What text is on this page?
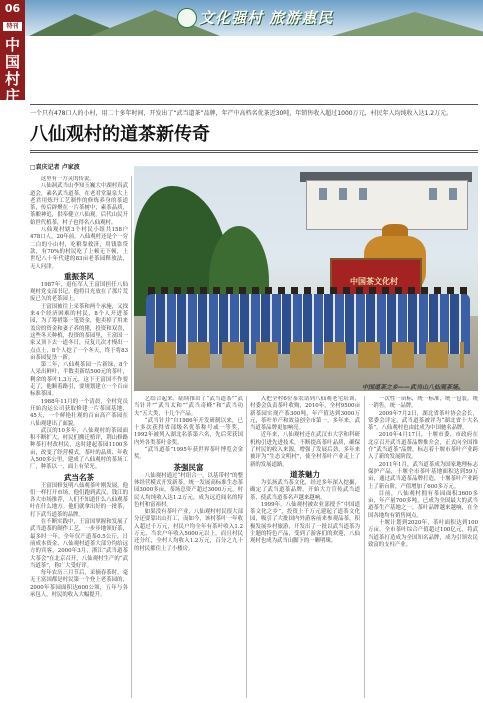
06
特刊
中国村庄
文化强村 旅游惠民
一个只有478口人的小村，用二十多年时间，开发出了“武当道茶”品牌，年产中高档名优茶近30吨，年销售收入超过1000万元，村民年人均纯收入达1.2万元。
八仙观村的道茶新传奇
□袁庆记者 卢家波
中国茶文化村
中国道茶之乡——武当山八仙观茶场。

这里有一方灵的传说。

八仙洞武当山李知玉巍大中湖村真武道会，素名武当道茶，在老君堂温泉大上老君用炼丹工艺制作的修炼养身的茶道茶，传后辟聚在一片茶树中，素茶品质，茶酿神追，供奉健立八仙观。后代山民开始世代植茶，村子也得名八仙观村。

八仙观村辖3个村民小组共158户478口人，20年前，八仙观村还是个一穷二白的小山村，吃粮靠救济，用钱靠贷款，有70%的村民吃了上顿无下顿，上世纪八十年代建的83亩老茶园释放法，无人问津。

重振茶风

1987年，退伍军人王富国担任八仙观村党支部书记，他将目光放在了那片荒废已久的老茶园上。

王富国被往上采茶和两个承施，又找来4个经济困难的村民，8个人开进茶园，为了筹措第一笔资金，他卖掉了用来盖房的资金和妻子养的猪，投资和双喜，这些冬天种植，投资的茶园里，王富国一家又顶下去一道冬日，反复几次才慢出一点点土，8个人挖了一个冬天，终于将83亩茶园复垦一新。

第二年，八仙观茶园一片新绿，8个人采出鲜叶，半数卖新结500元的茶叶，剩余的茶叶1.3万元，这下王富国不作要走了，他顺着路引，要规划建立一个百亩标准茶园。

1988年11月的一个清晨，全村党员开始沟运公司获取修建一片茶园基地，45天，一个鲜艳壮观的百亩高产茶园在八仙观建出了面貌。

武汉的10多年，八仙观村的茶园面积不断扩大，村民们搬迁植评，荆山修路种茶打村改村民，这时建起茶园1100多亩，改变了经营模式，茶叶的品质、年收入500多公里，建成了八仙观村的茶场工厂，种茶以一，面上有荣光。

武当名茶

王富国修复明八仙观茶叶刚发展，他们一样打开市场，他们跑到武汉、钱江的各大市场推荐，人们不知道什么八仙观茶叶在什么地方。他们就拿出好的一批茶，打下武当道茶的品牌。

在不断实践中，王富国掌握和发展了武当道茶的制作工艺，一步步地领好茶，最多时一年，全年仅产道茶0.5公斤，日前成本资金，八仙观村道茶大部分均给远方的宾客，2000年3月，浙江“武当道茶大茶会”在北京召开，八仙观村生产的“武当道茶”，称广大受好评。

每年农历三月节后，采摘春茶时，毫无王富国都是村民第一个登上老茶园的，2000年茶园面积达600公顷，五年与各承包人，村民的收入大幅提升。

艺结合起来，陆续推出了“武当道茶”“武当针井”“武当太和”“武当奇峰”和“武当功夫”五大类，十几个产品。

“武当针井”自1986年开发研制以来，已十多次获得省部级名优茶称号或一等奖，1992年被列入湖北名茶第六名，先后荣获国内外各类茶叶金奖。

“武当道茶”1995年获世界茶叶博览会金奖。

茶强民富

八仙观村通过“村组合一，以基带村”的整体经营模式开发新茶，统一发展高标准生态茶园3000多亩，茶场总资产超过3000万元，村民人均纯收入达1.2万元，成为远近闻名的特色村和富裕村。

如果没有茶叶产业，八仙观村村民很大部分还要靠出山打工，而如今，该村茶叶一年收入超过千万元，村民户均全年有茶叶收入1.2万元，当农户年收入5000元以上，而且村民还分红，全村人均收入1.2万元，百分之九十的村民都住上了小楼房。

入把全村6位茶农请到八仙观老宅培训，村委会负责茶叶收购，2010年，全村9500亩新茶园实现产茶300吨，年产值达到3000万元，茶叶单产和效益创全市第一，多年来，武当道茶品牌更加响亮。

近年来，八仙观村还在武汉市大学和科研机构引进先进技术，不断提高茶叶品质，确保了村民的收入来源，增强了发展后劲，多年来被评为“生态文明村”，使全村茶叶产业走上了新的发展道路。

道茶魅力

为弘扬武当茶文化，经过多年深入挖掘，确定了武当道茶品牌，开始大力宣传武当道茶，使武当道茶名声越来越响。

1999年，八仙观村被农业部授予“中国道茶文化之乡”，投资上千万元建起了道茶文化园，吸引了大批国内外游客前来参观品茶，积极发展乡村旅游，开发出了一批以武当道茶为主题的特色产品，受到了游客们的欢迎，八仙观村也成为武当山脚下的一颗明珠。

一次性一亩标，统一标准，统一包装，统一销售，统一品牌。

2009年7月2日，湖北省茶叶协会会长，常委会评定，武当道茶被评为“湖北省十大名茶”，八仙观村也由此成为中国驰名品牌。

2010年4月17日，十堰市委、市政府在北京召开武当道茶品牌推介会，正式向全国推介“武当道茶”品牌，标志着十堰市茶叶产业跨入了新的发展阶段。

2011年1月，武当道茶成为国家地理标志保护产品，十堰全市茶叶基地面积达到59万亩，通过武当道茶品牌打造，十堰茶叶产业跨上了新台阶，产值增加了600多万元。

目前，八仙观村拥有茶园面积3600多亩，年产量700多吨，已成为全国最大的武当道茶生产基地之一，茶叶品牌越来越响，在全国各地均有销售网点。

十堰计划到2020年，茶叶面积达到100万亩，全市茶叶综合产值超过100亿元，将武当道茶打造成为全国知名品牌，成为引领农民致富的支柱产业。
